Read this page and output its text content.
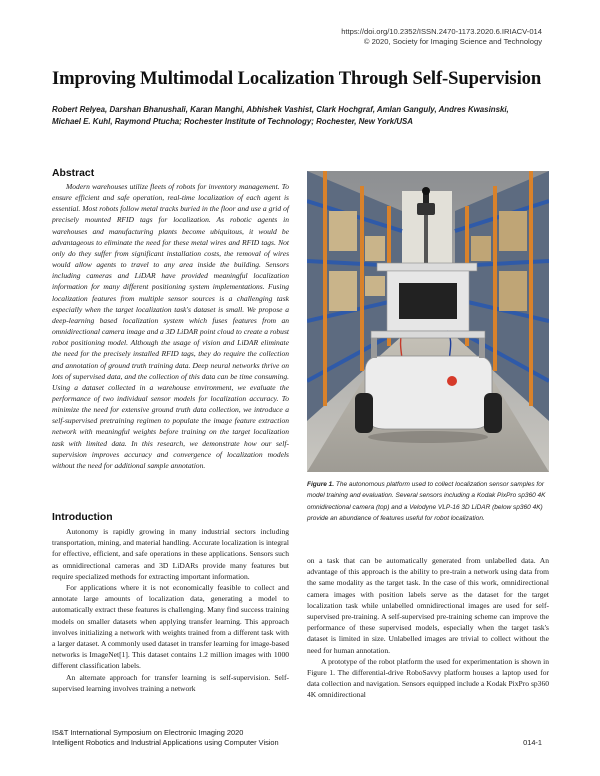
https://doi.org/10.2352/ISSN.2470-1173.2020.6.IRIACV-014
© 2020, Society for Imaging Science and Technology
Improving Multimodal Localization Through Self-Supervision
Robert Relyea, Darshan Bhanushali, Karan Manghi, Abhishek Vashist, Clark Hochgraf, Amlan Ganguly, Andres Kwasinski,
Michael E. Kuhl, Raymond Ptucha; Rochester Institute of Technology; Rochester, New York/USA
Abstract

Modern warehouses utilize fleets of robots for inventory management. To ensure efficient and safe operation, real-time localization of each agent is essential. Most robots follow metal tracks buried in the floor and use a grid of precisely mounted RFID tags for localization. As robotic agents in warehouses and manufacturing plants become ubiquitous, it would be advantageous to eliminate the need for these metal wires and RFID tags. Not only do they suffer from significant installation costs, the removal of wires would allow agents to travel to any area inside the building. Sensors including cameras and LiDAR have provided meaningful localization information for many different positioning system implementations. Fusing localization features from multiple sensor sources is a challenging task especially when the target localization task's dataset is small. We propose a deep-learning based localization system which fuses features from an omnidirectional camera image and a 3D LiDAR point cloud to create a robust robot positioning model. Although the usage of vision and LiDAR eliminate the need for the precisely installed RFID tags, they do require the collection and annotation of ground truth training data. Deep neural networks thrive on lots of supervised data, and the collection of this data can be time consuming. Using a dataset collected in a warehouse environment, we evaluate the performance of two individual sensor models for localization accuracy. To minimize the need for extensive ground truth data collection, we introduce a self-supervised pretraining regimen to populate the image feature extraction network with meaningful weights before training on the target localization task with limited data. In this research, we demonstrate how our self-supervision improves accuracy and convergence of localization models without the need for additional sample annotation.

Introduction

Autonomy is rapidly growing in many industrial sectors including transportation, mining, and material handling. Accurate localization is integral for effective, efficient, and safe operations in these applications. Sensors such as omnidirectional cameras and 3D LiDARs provide many features but require specialized methods for extracting important information.

For applications where it is not economically feasible to collect and annotate large amounts of localization data, generating a model to automatically extract these features is challenging. Many find success training models on smaller datasets when applying transfer learning. This approach involves initializing a network with weights trained from a different task with a larger dataset. A commonly used dataset in transfer learning for image-based networks is ImageNet[1]. This dataset contains 1.2 million images with 1000 different classification labels.

An alternate approach for transfer learning is self-supervision. Self-supervised learning involves training a network

Figure 1. The autonomous platform used to collect localization sensor samples for model training and evaluation. Several sensors including a Kodak PixPro sp360 4K omnidirectional camera (top) and a Velodyne VLP-16 3D LiDAR (below sp360 4K) provide an abundance of features useful for robot localization.

on a task that can be automatically generated from unlabelled data. An advantage of this approach is the ability to pre-train a network using data from the same modality as the target task. In the case of this work, omnidirectional camera images with position labels serve as the dataset for the target localization task while unlabelled omnidirectional images are used for self-supervised pre-training. A self-supervised pre-training scheme can improve the performance of these supervised models, especially when the target task's dataset is limited in size. Unlabelled images are trivial to collect without the need for human annotation.

A prototype of the robot platform the used for experimentation is shown in Figure 1. The differential-drive RoboSavvy platform houses a laptop used for data collection and navigation. Sensors equipped include a Kodak PixPro sp360 4K omnidirectional

IS&T International Symposium on Electronic Imaging 2020
Intelligent Robotics and Industrial Applications using Computer Vision	014-1
